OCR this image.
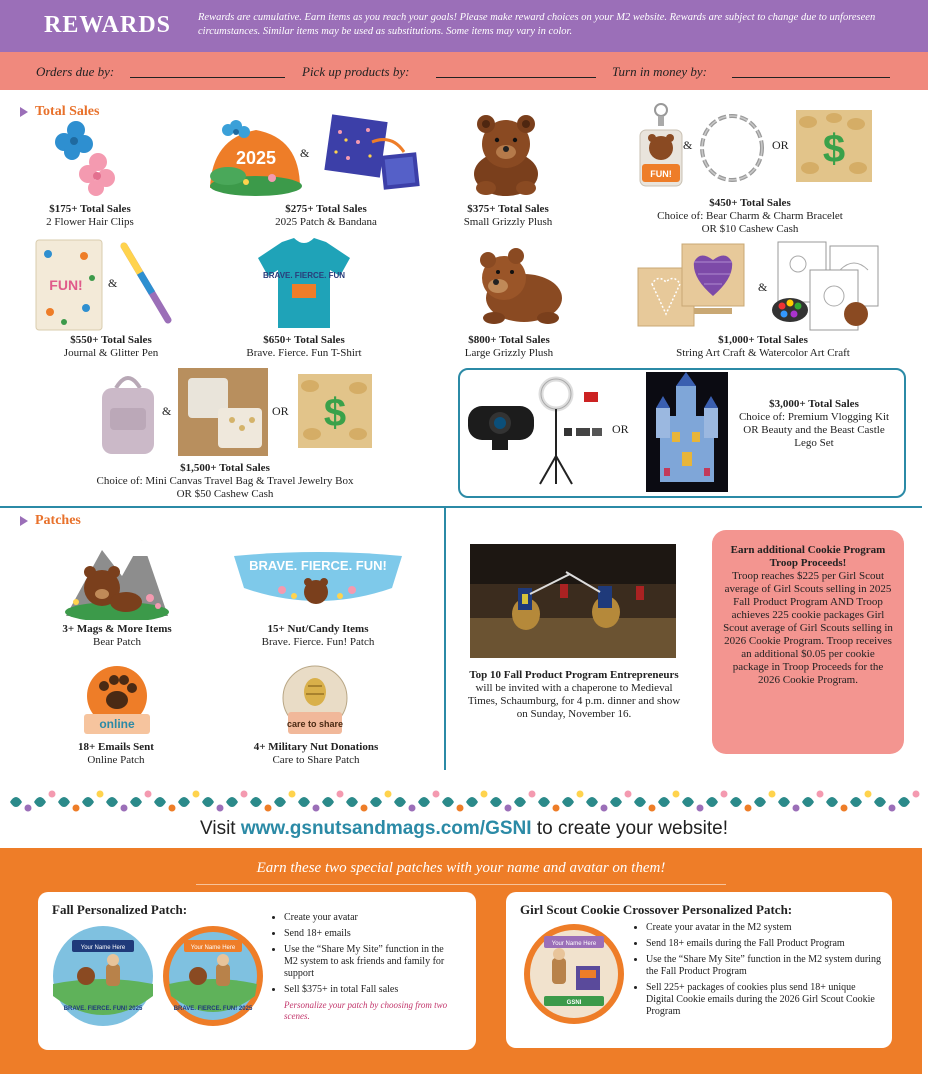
REWARDS	Rewards are cumulative. Earn items as you reach your goals! Please make reward choices on your M2 website. Rewards are subject to change due to unforeseen circumstances. Similar items may be used as substitutions. Some items may vary in color.
Orders due by:	Pick up products by:	Turn in money by:
Total Sales
$175+ Total Sales
2 Flower Hair Clips
2025 &
$275+ Total Sales
2025 Patch & Bandana
$375+ Total Sales
Small Grizzly Plush
FUN!
&	OR $
$450+ Total Sales
Choice of: Bear Charm & Charm Bracelet
OR $10 Cashew Cash
FUN! &
$550+ Total Sales
Journal & Glitter Pen
BRAVE. FIERCE. FUN
$650+ Total Sales
Brave. Fierce. Fun T-Shirt
$800+ Total Sales
Large Grizzly Plush
&
$1,000+ Total Sales
String Art Craft & Watercolor Art Craft
&	OR $
$1,500+ Total Sales
Choice of: Mini Canvas Travel Bag & Travel Jewelry Box
OR $50 Cashew Cash
OR
$3,000+ Total Sales
Choice of: Premium Vlogging Kit OR Beauty and the Beast Castle Lego Set
Patches
3+ Mags & More Items
Bear Patch
BRAVE. FIERCE. FUN!
15+ Nut/Candy Items
Brave. Fierce. Fun! Patch
online
18+ Emails Sent
Online Patch
care to share
4+ Military Nut Donations
Care to Share Patch
Top 10 Fall Product Program Entrepreneurs
will be invited with a chaperone to Medieval Times, Schaumburg, for 4 p.m. dinner and show on Sunday, November 16.
Earn additional Cookie Program Troop Proceeds!
Troop reaches $225 per Girl Scout average of Girl Scouts selling in 2025 Fall Product Program AND Troop achieves 225 cookie packages Girl Scout average of Girl Scouts selling in 2026 Cookie Program. Troop receives an additional $0.05 per cookie package in Troop Proceeds for the 2026 Cookie Program.
Visit www.gsnutsandmags.com/GSNI to create your website!
Earn these two special patches with your name and avatar on them!
Fall Personalized Patch:
Your Name Here
BRAVE. FIERCE. FUN! 2025
Your Name Here
BRAVE. FIERCE. FUN! 2025
• Create your avatar
• Send 18+ emails
• Use the “Share My Site” function in the M2 system to ask friends and family for support
• Sell $375+ in total Fall sales
Personalize your patch by choosing from two scenes.
Girl Scout Cookie Crossover Personalized Patch:
Your Name Here
GSNI
• Create your avatar in the M2 system
• Send 18+ emails during the Fall Product Program
• Use the “Share My Site” function in the M2 system during the Fall Product Program
• Sell 225+ packages of cookies plus send 18+ unique Digital Cookie emails during the 2026 Girl Scout Cookie Program
